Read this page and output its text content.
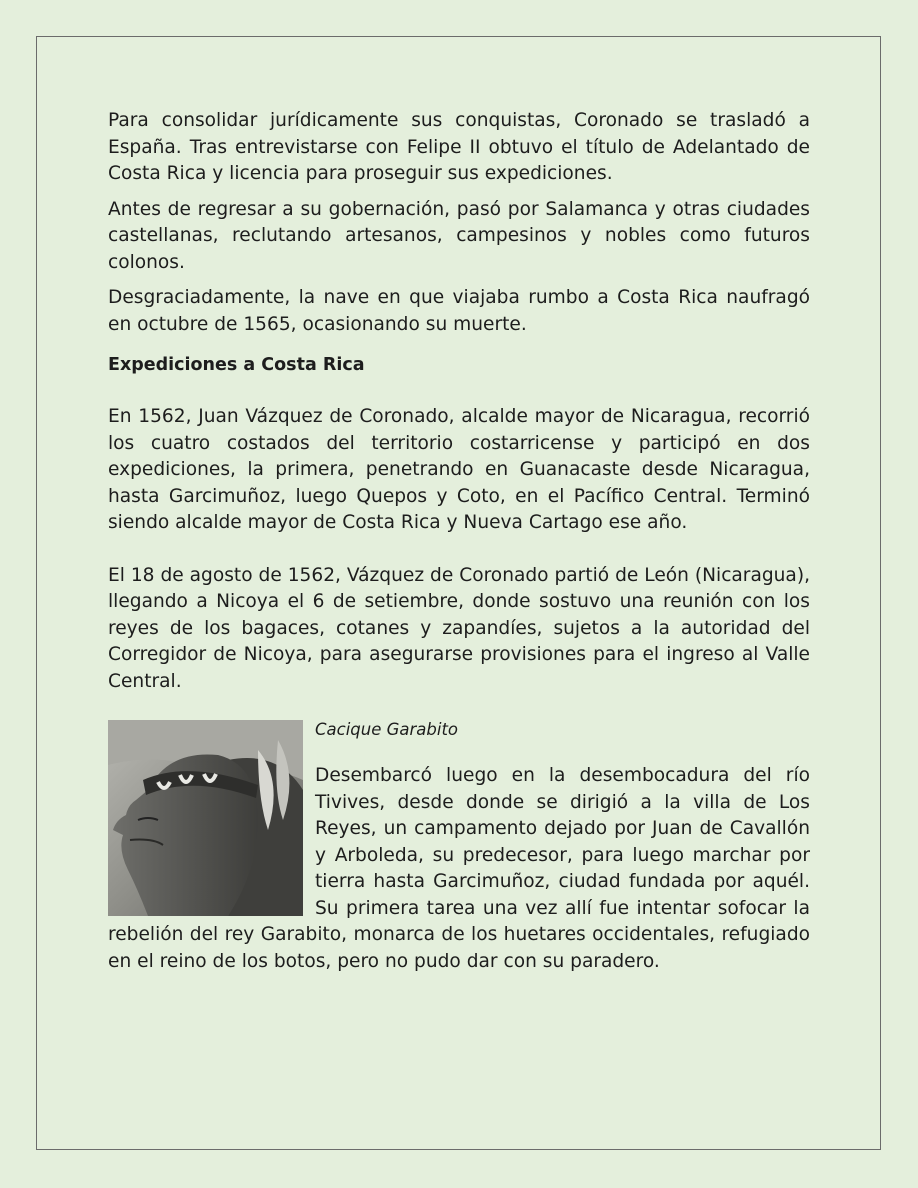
Para consolidar jurídicamente sus conquistas, Coronado se trasladó a España. Tras entrevistarse con Felipe II obtuvo el título de Adelantado de Costa Rica y licencia para proseguir sus expediciones.

Antes de regresar a su gobernación, pasó por Salamanca y otras ciudades castellanas, reclutando artesanos, campesinos y nobles como futuros colonos.

Desgraciadamente, la nave en que viajaba rumbo a Costa Rica naufragó en octubre de 1565, ocasionando su muerte.

Expediciones a Costa Rica

En 1562, Juan Vázquez de Coronado, alcalde mayor de Nicaragua, recorrió los cuatro costados del territorio costarricense y participó en dos expediciones, la primera, penetrando en Guanacaste desde Nicaragua, hasta Garcimuñoz, luego Quepos y Coto, en el Pacífico Central. Terminó siendo alcalde mayor de Costa Rica y Nueva Cartago ese año.

El 18 de agosto de 1562, Vázquez de Coronado partió de León (Nicaragua), llegando a Nicoya el 6 de setiembre, donde sostuvo una reunión con los reyes de los bagaces, cotanes y zapandíes, sujetos a la autoridad del Corregidor de Nicoya, para asegurarse provisiones para el ingreso al Valle Central.

Cacique Garabito

Desembarcó luego en la desembocadura del río Tivives, desde donde se dirigió a la villa de Los Reyes, un campamento dejado por Juan de Cavallón y Arboleda, su predecesor, para luego marchar por tierra hasta Garcimuñoz, ciudad fundada por aquél. Su primera tarea una vez allí fue intentar sofocar la rebelión del rey Garabito, monarca de los huetares occidentales, refugiado en el reino de los botos, pero no pudo dar con su paradero.
